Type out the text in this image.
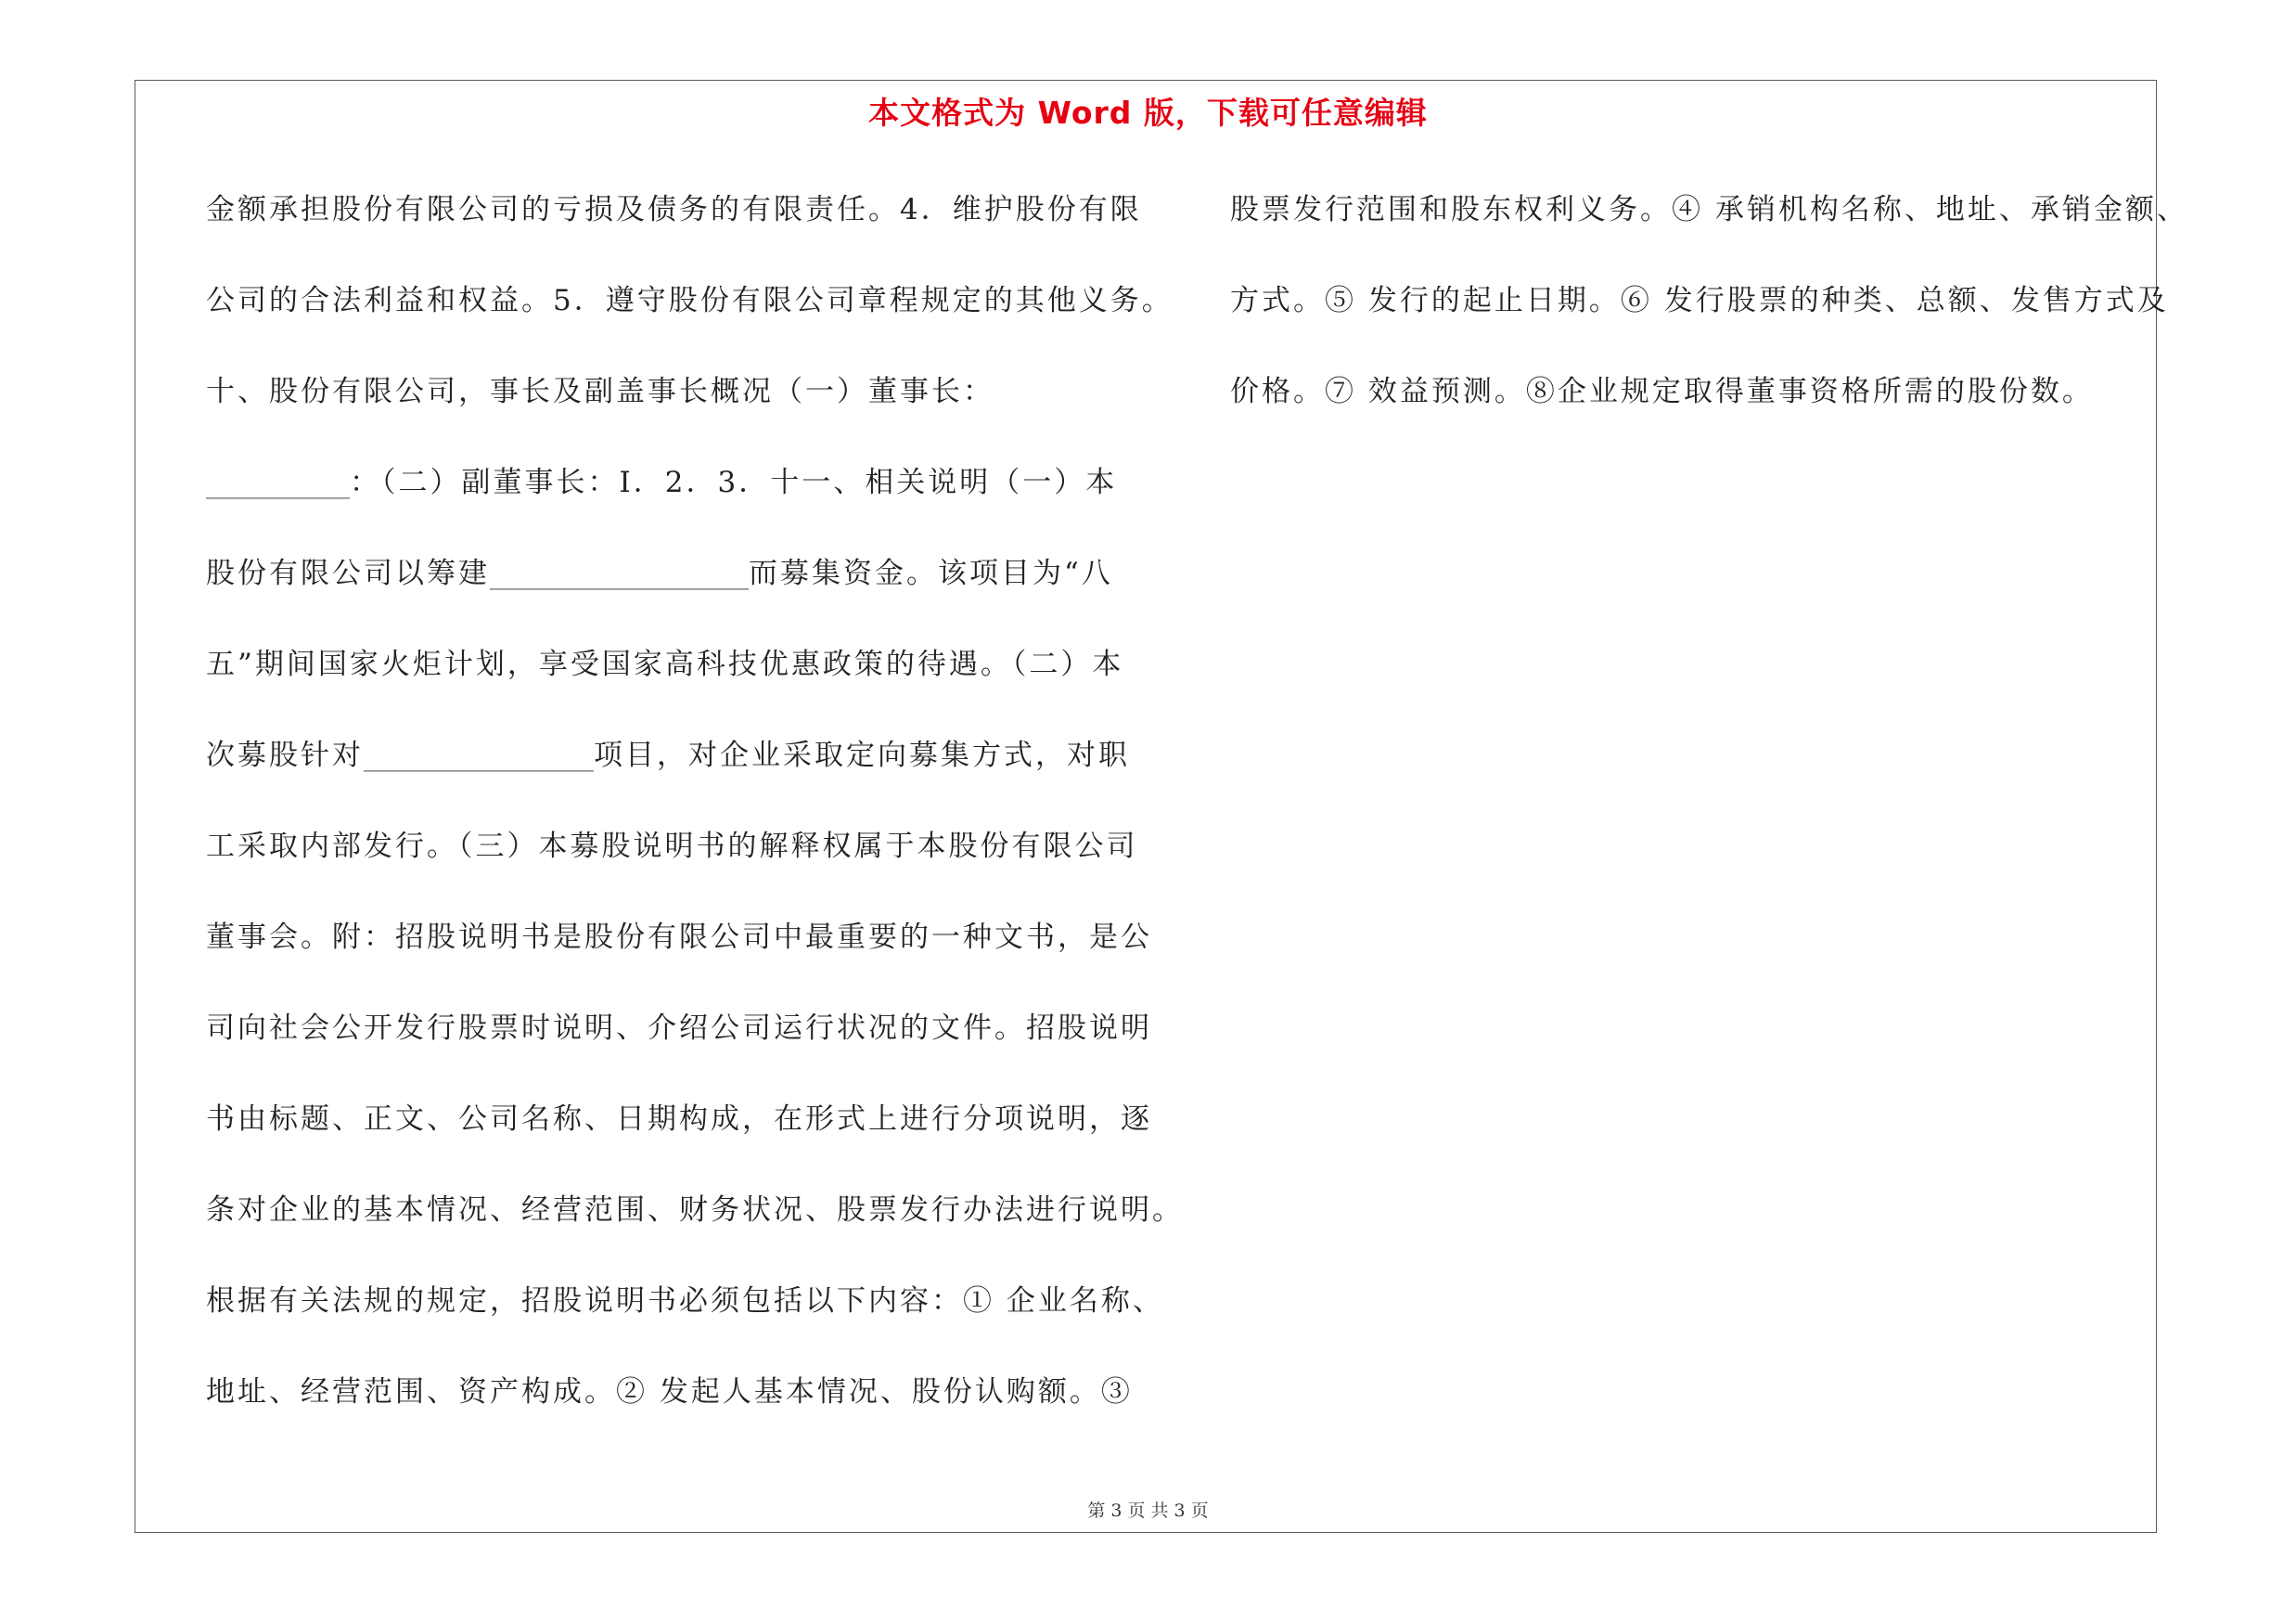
本文格式为 Word 版，下载可任意编辑
金额承担股份有限公司的亏损及债务的有限责任。4．维护股份有限
公司的合法利益和权益。5．遵守股份有限公司章程规定的其他义务。
十、股份有限公司，事长及副盖事长概况（一）董事长：
__________：（二）副董事长：I．2．3．十一、相关说明（一）本
股份有限公司以筹建__________________而募集资金。该项目为“八
五”期间国家火炬计划，享受国家高科技优惠政策的待遇。（二）本
次募股针对________________项目，对企业采取定向募集方式，对职
工采取内部发行。（三）本募股说明书的解释权属于本股份有限公司
董事会。附：招股说明书是股份有限公司中最重要的一种文书，是公
司向社会公开发行股票时说明、介绍公司运行状况的文件。招股说明
书由标题、正文、公司名称、日期构成，在形式上进行分项说明，逐
条对企业的基本情况、经营范围、财务状况、股票发行办法进行说明。
根据有关法规的规定，招股说明书必须包括以下内容：① 企业名称、
地址、经营范围、资产构成。② 发起人基本情况、股份认购额。③
股票发行范围和股东权利义务。④ 承销机构名称、地址、承销金额、
方式。⑤ 发行的起止日期。⑥ 发行股票的种类、总额、发售方式及
价格。⑦ 效益预测。⑧企业规定取得董事资格所需的股份数。
第 3 页 共 3 页
